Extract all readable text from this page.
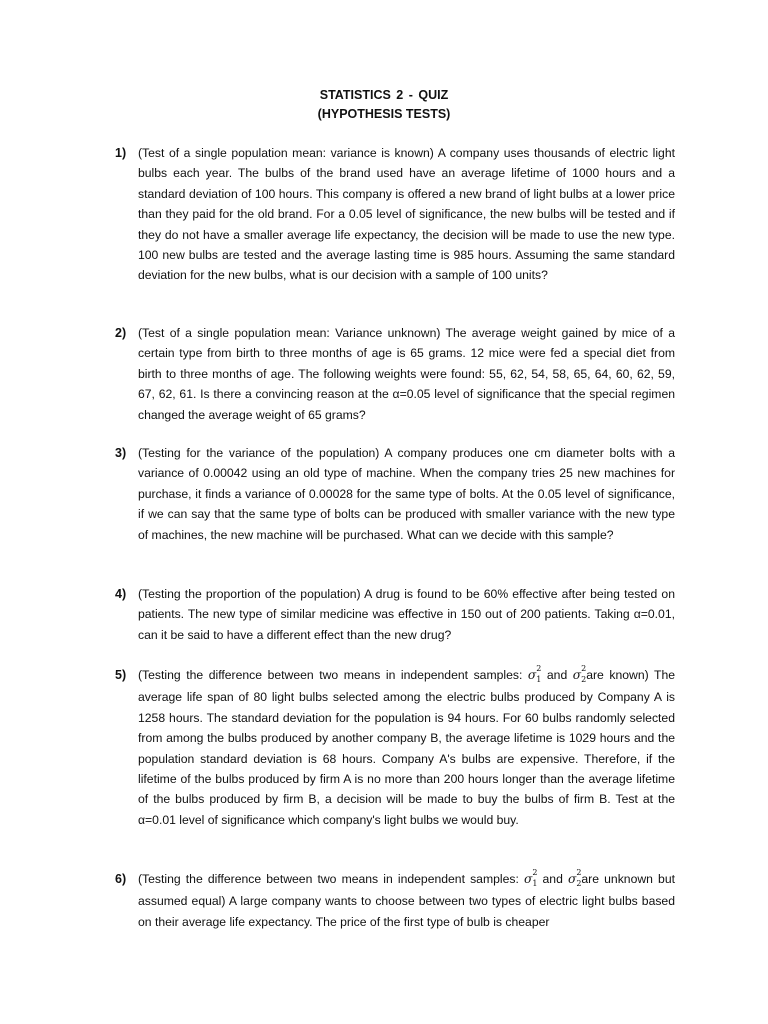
STATISTICS 2 - QUIZ
(HYPOTHESIS TESTS)
1) (Test of a single population mean: variance is known) A company uses thousands of electric light bulbs each year. The bulbs of the brand used have an average lifetime of 1000 hours and a standard deviation of 100 hours. This company is offered a new brand of light bulbs at a lower price than they paid for the old brand. For a 0.05 level of significance, the new bulbs will be tested and if they do not have a smaller average life expectancy, the decision will be made to use the new type. 100 new bulbs are tested and the average lasting time is 985 hours. Assuming the same standard deviation for the new bulbs, what is our decision with a sample of 100 units?
2) (Test of a single population mean: Variance unknown) The average weight gained by mice of a certain type from birth to three months of age is 65 grams. 12 mice were fed a special diet from birth to three months of age. The following weights were found: 55, 62, 54, 58, 65, 64, 60, 62, 59, 67, 62, 61. Is there a convincing reason at the α=0.05 level of significance that the special regimen changed the average weight of 65 grams?
3) (Testing for the variance of the population) A company produces one cm diameter bolts with a variance of 0.00042 using an old type of machine. When the company tries 25 new machines for purchase, it finds a variance of 0.00028 for the same type of bolts. At the 0.05 level of significance, if we can say that the same type of bolts can be produced with smaller variance with the new type of machines, the new machine will be purchased. What can we decide with this sample?
4) (Testing the proportion of the population) A drug is found to be 60% effective after being tested on patients. The new type of similar medicine was effective in 150 out of 200 patients. Taking α=0.01, can it be said to have a different effect than the new drug?
5) (Testing the difference between two means in independent samples: σ 2
1 and σ 2
2are known) The average life span of 80 light bulbs selected among the electric bulbs produced by Company A is 1258 hours. The standard deviation for the population is 94 hours. For 60 bulbs randomly selected from among the bulbs produced by another company B, the average lifetime is 1029 hours and the population standard deviation is 68 hours. Company A's bulbs are expensive. Therefore, if the lifetime of the bulbs produced by firm A is no more than 200 hours longer than the average lifetime of the bulbs produced by firm B, a decision will be made to buy the bulbs of firm B. Test at the α=0.01 level of significance which company's light bulbs we would buy.
6) (Testing the difference between two means in independent samples: σ 2
1 and σ 2
2are unknown but assumed equal) A large company wants to choose between two types of electric light bulbs based on their average life expectancy. The price of the first type of bulb is cheaper
